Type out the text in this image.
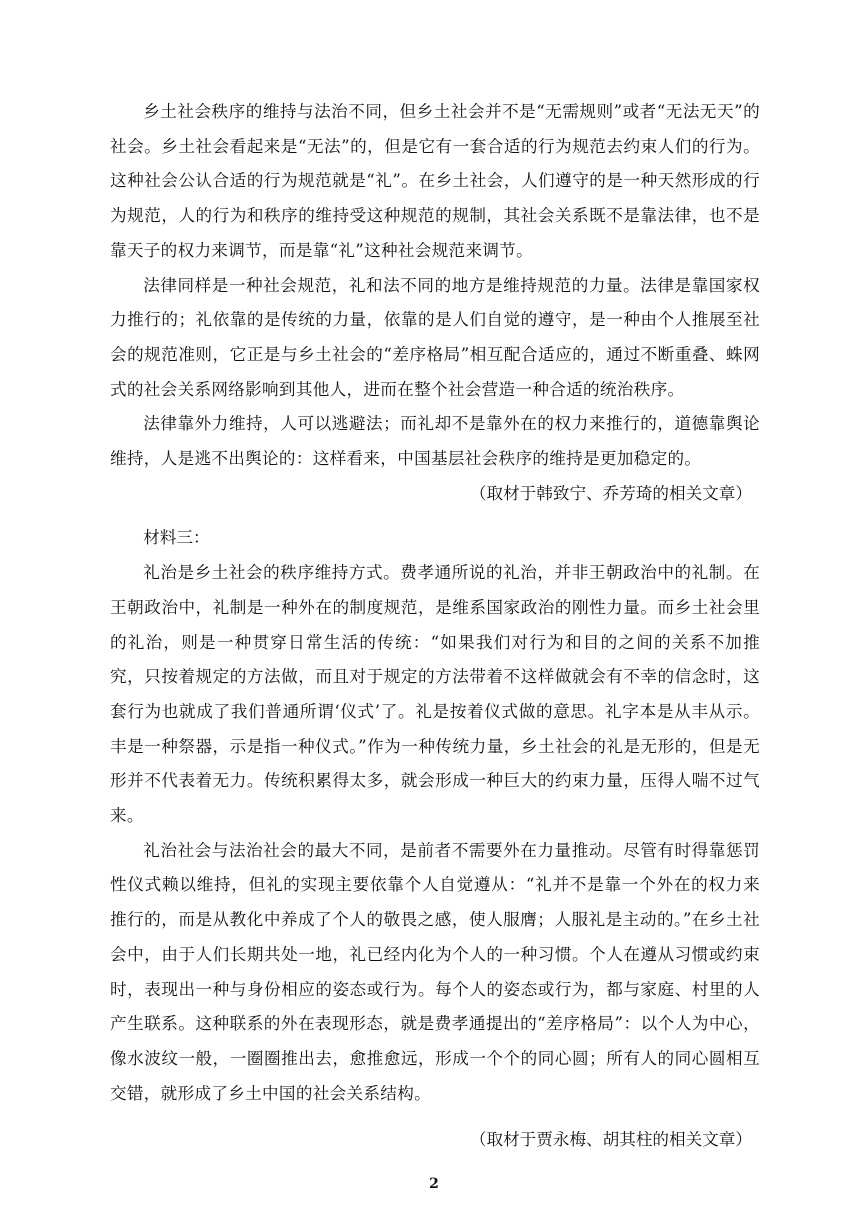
乡土社会秩序的维持与法治不同，但乡土社会并不是“无需规则”或者“无法无天”的社会。乡土社会看起来是“无法”的，但是它有一套合适的行为规范去约束人们的行为。这种社会公认合适的行为规范就是“礼”。在乡土社会，人们遵守的是一种天然形成的行为规范，人的行为和秩序的维持受这种规范的规制，其社会关系既不是靠法律，也不是靠天子的权力来调节，而是靠“礼”这种社会规范来调节。

法律同样是一种社会规范，礼和法不同的地方是维持规范的力量。法律是靠国家权力推行的；礼依靠的是传统的力量，依靠的是人们自觉的遵守，是一种由个人推展至社会的规范准则，它正是与乡土社会的“差序格局”相互配合适应的，通过不断重叠、蛛网式的社会关系网络影响到其他人，进而在整个社会营造一种合适的统治秩序。

法律靠外力维持，人可以逃避法；而礼却不是靠外在的权力来推行的，道德靠舆论维持，人是逃不出舆论的：这样看来，中国基层社会秩序的维持是更加稳定的。

（取材于韩致宁、乔芳琦的相关文章）

材料三：

礼治是乡土社会的秩序维持方式。费孝通所说的礼治，并非王朝政治中的礼制。在王朝政治中，礼制是一种外在的制度规范，是维系国家政治的刚性力量。而乡土社会里的礼治，则是一种贯穿日常生活的传统：“如果我们对行为和目的之间的关系不加推究，只按着规定的方法做，而且对于规定的方法带着不这样做就会有不幸的信念时，这套行为也就成了我们普通所谓‘仪式’了。礼是按着仪式做的意思。礼字本是从丰从示。丰是一种祭器，示是指一种仪式。”作为一种传统力量，乡土社会的礼是无形的，但是无形并不代表着无力。传统积累得太多，就会形成一种巨大的约束力量，压得人喘不过气来。

礼治社会与法治社会的最大不同，是前者不需要外在力量推动。尽管有时得靠惩罚性仪式赖以维持，但礼的实现主要依靠个人自觉遵从：“礼并不是靠一个外在的权力来推行的，而是从教化中养成了个人的敬畏之感，使人服膺；人服礼是主动的。”在乡土社会中，由于人们长期共处一地，礼已经内化为个人的一种习惯。个人在遵从习惯或约束时，表现出一种与身份相应的姿态或行为。每个人的姿态或行为，都与家庭、村里的人产生联系。这种联系的外在表现形态，就是费孝通提出的“差序格局”：以个人为中心，像水波纹一般，一圈圈推出去，愈推愈远，形成一个个的同心圆；所有人的同心圆相互交错，就形成了乡土中国的社会关系结构。

（取材于贾永梅、胡其柱的相关文章）

2
